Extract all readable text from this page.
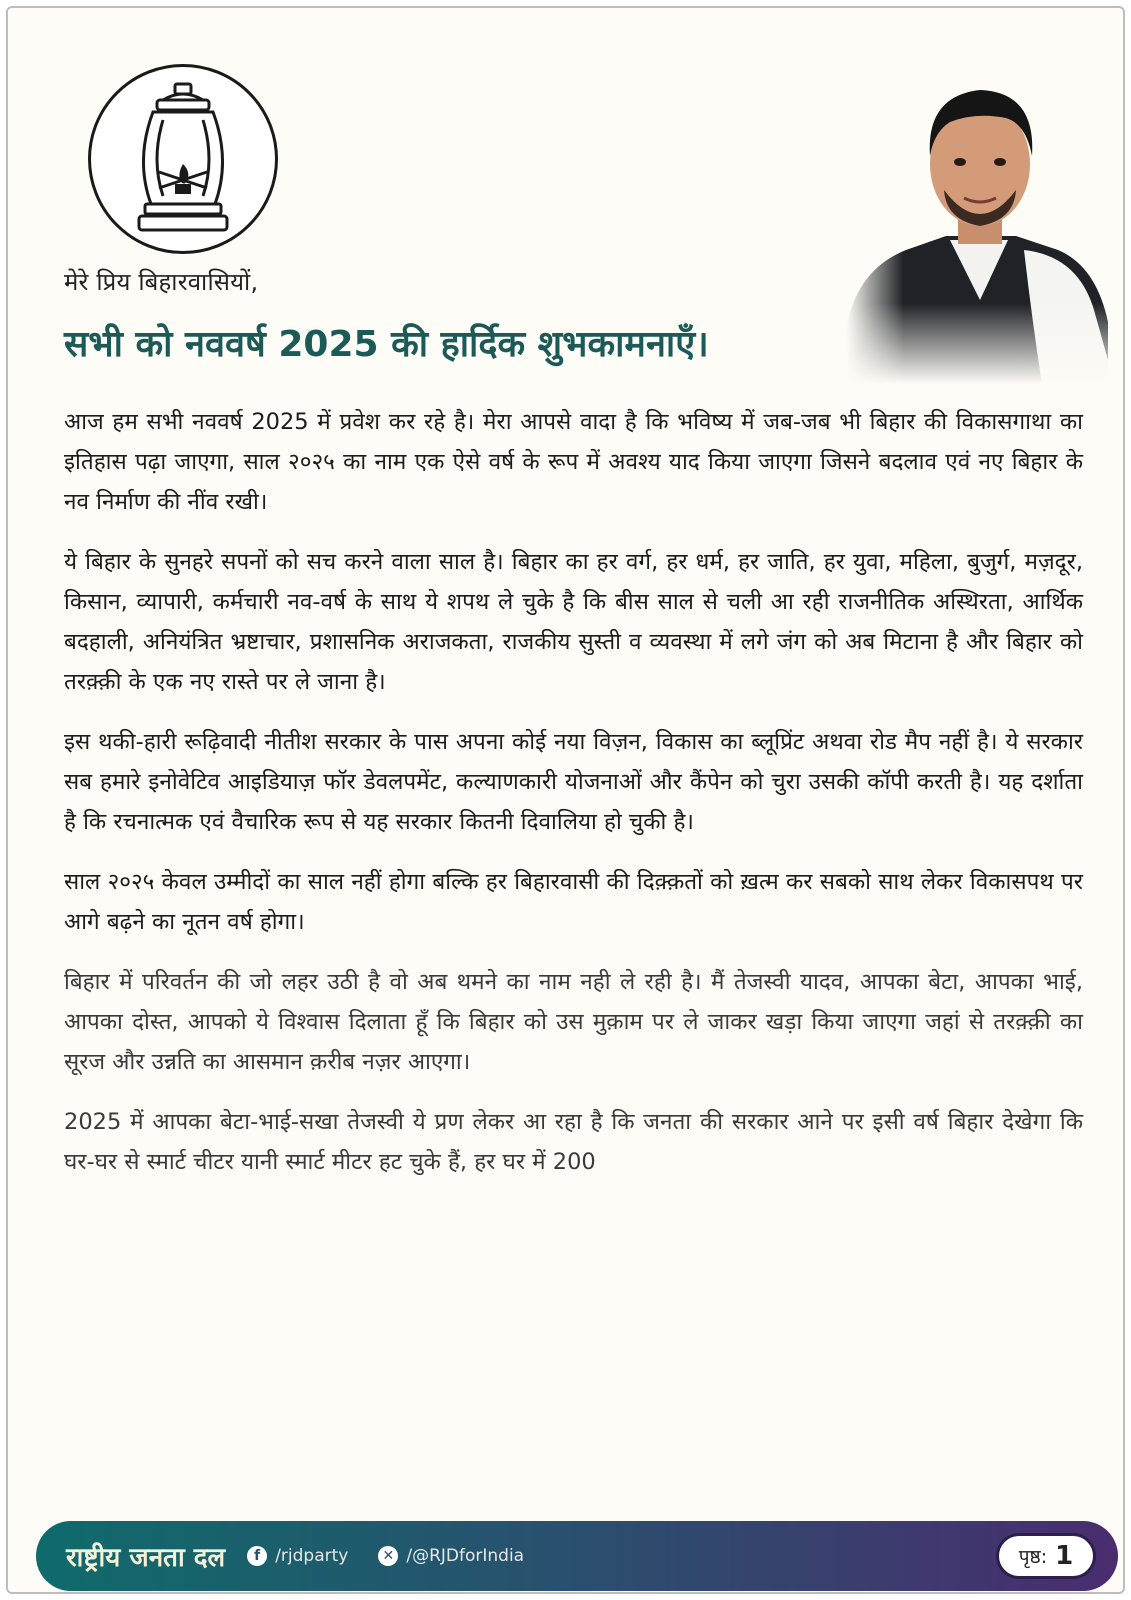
मेरे प्रिय बिहारवासियों,
सभी को नववर्ष 2025 की हार्दिक शुभकामनाएँ।

आज हम सभी नववर्ष 2025 में प्रवेश कर रहे है। मेरा आपसे वादा है कि भविष्य में जब-जब भी बिहार की विकासगाथा का इतिहास पढ़ा जाएगा, साल २०२५ का नाम एक ऐसे वर्ष के रूप में अवश्य याद किया जाएगा जिसने बदलाव एवं नए बिहार के नव निर्माण की नींव रखी।

ये बिहार के सुनहरे सपनों को सच करने वाला साल है। बिहार का हर वर्ग, हर धर्म, हर जाति, हर युवा, महिला, बुजुर्ग, मज़दूर, किसान, व्यापारी, कर्मचारी नव-वर्ष के साथ ये शपथ ले चुके है कि बीस साल से चली आ रही राजनीतिक अस्थिरता, आर्थिक बदहाली, अनियंत्रित भ्रष्टाचार, प्रशासनिक अराजकता, राजकीय सुस्ती व व्यवस्था में लगे जंग को अब मिटाना है और बिहार को तरक़्क़ी के एक नए रास्ते पर ले जाना है।

इस थकी-हारी रूढ़िवादी नीतीश सरकार के पास अपना कोई नया विज़न, विकास का ब्लूप्रिंट अथवा रोड मैप नहीं है। ये सरकार सब हमारे इनोवेटिव आइडियाज़ फॉर डेवलपमेंट, कल्याणकारी योजनाओं और कैंपेन को चुरा उसकी कॉपी करती है। यह दर्शाता है कि रचनात्मक एवं वैचारिक रूप से यह सरकार कितनी दिवालिया हो चुकी है।

साल २०२५ केवल उम्मीदों का साल नहीं होगा बल्कि हर बिहारवासी की दिक़्क़तों को ख़त्म कर सबको साथ लेकर विकासपथ पर आगे बढ़ने का नूतन वर्ष होगा।

बिहार में परिवर्तन की जो लहर उठी है वो अब थमने का नाम नही ले रही है। मैं तेजस्वी यादव, आपका बेटा, आपका भाई, आपका दोस्त, आपको ये विश्वास दिलाता हूँ कि बिहार को उस मुक़ाम पर ले जाकर खड़ा किया जाएगा जहां से तरक़्क़ी का सूरज और उन्नति का आसमान क़रीब नज़र आएगा।

2025 में आपका बेटा-भाई-सखा तेजस्वी ये प्रण लेकर आ रहा है कि जनता की सरकार आने पर इसी वर्ष बिहार देखेगा कि घर-घर से स्मार्ट चीटर यानी स्मार्ट मीटर हट चुके हैं, हर घर में 200

राष्ट्रीय जनता दल	f /rjdparty ✕ /@RJDforIndia	पृष्ठ: 1
